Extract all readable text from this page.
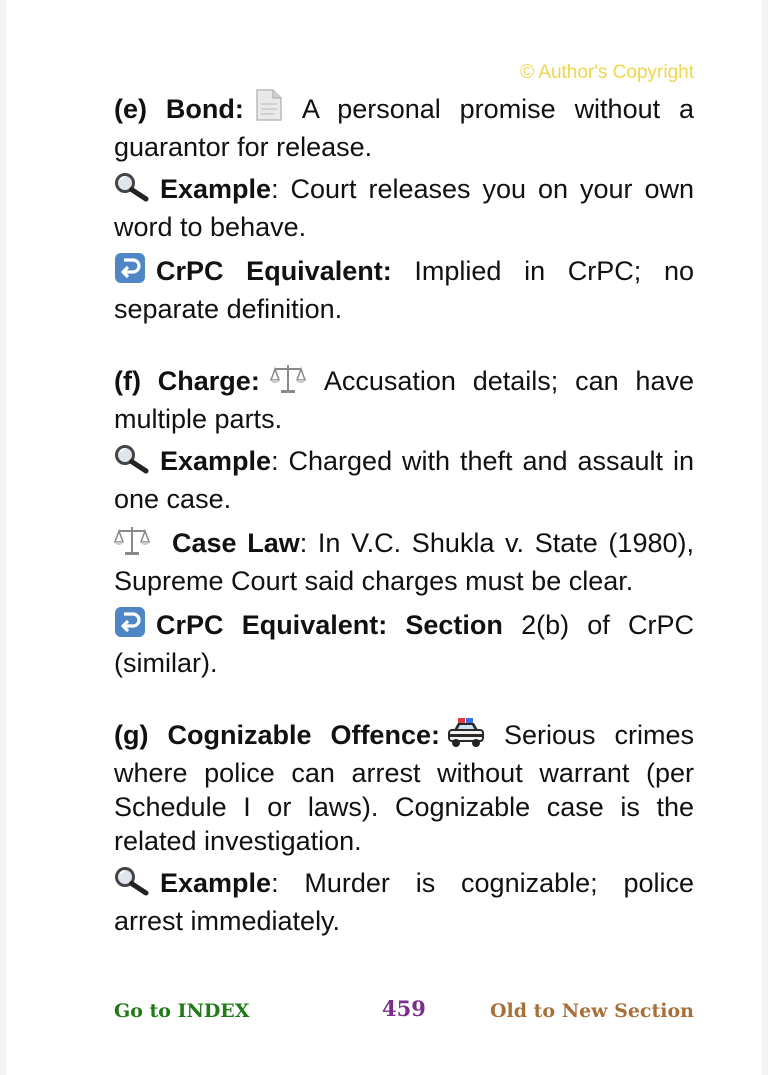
© Author's Copyright

(e) Bond: A personal promise without a guarantor for release.

Example: Court releases you on your own word to behave.

CrPC Equivalent: Implied in CrPC; no separate definition.

(f) Charge: Accusation details; can have multiple parts.

Example: Charged with theft and assault in one case.

Case Law: In V.C. Shukla v. State (1980), Supreme Court said charges must be clear.

CrPC Equivalent: Section 2(b) of CrPC (similar).

(g) Cognizable Offence: Serious crimes where police can arrest without warrant (per Schedule I or laws). Cognizable case is the related investigation.

Example: Murder is cognizable; police arrest immediately.

Go to INDEX	459	Old to New Section
